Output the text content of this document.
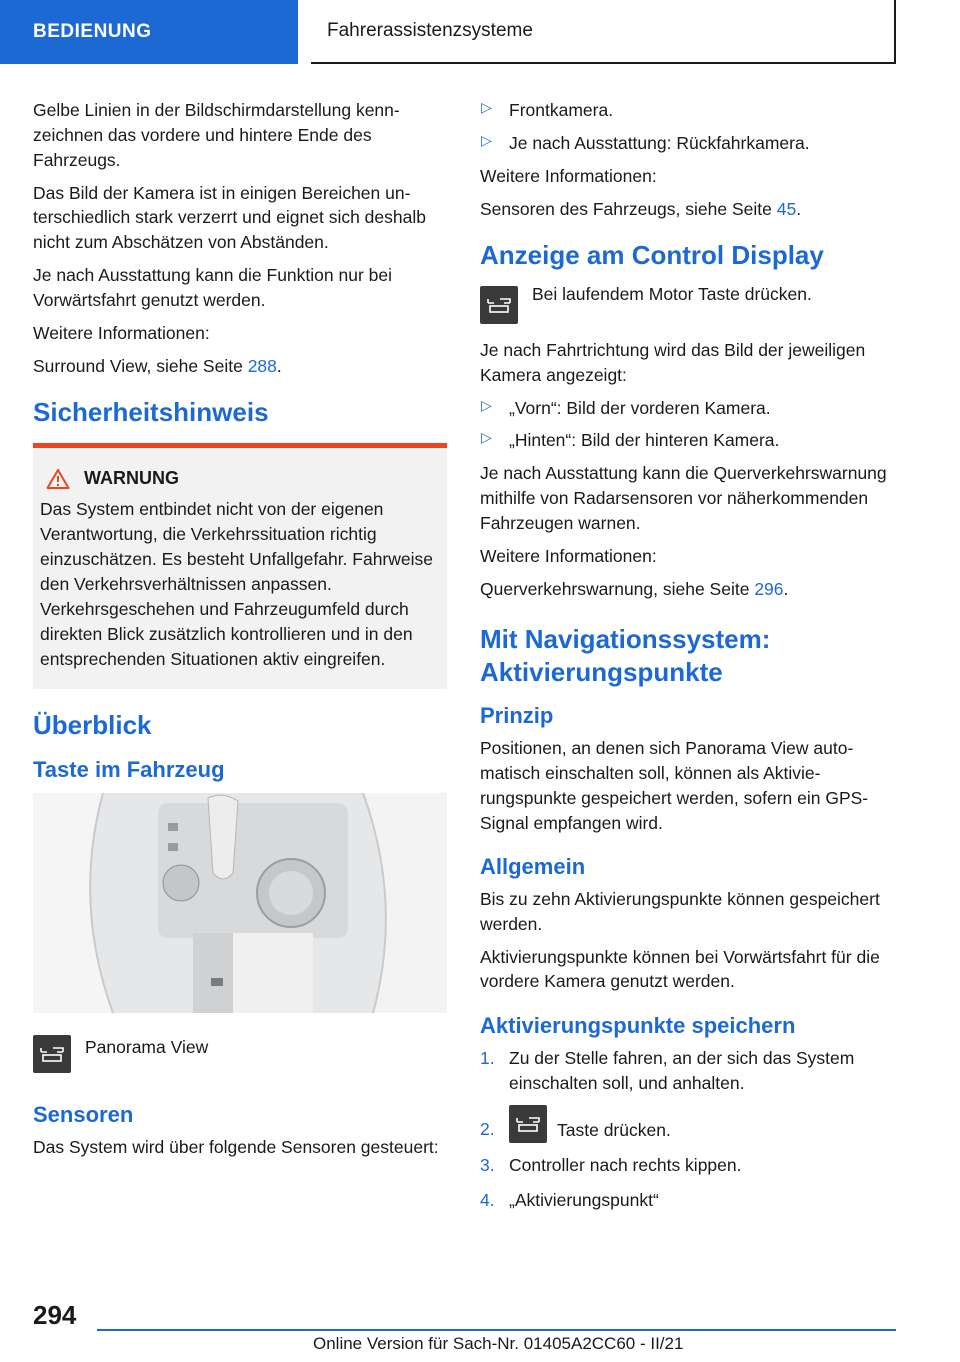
BEDIENUNG	Fahrerassistenzsysteme

Gelbe Linien in der Bildschirmdarstellung kennzeichnen das vordere und hintere Ende des Fahrzeugs.

Das Bild der Kamera ist in einigen Bereichen unterschiedlich stark verzerrt und eignet sich deshalb nicht zum Abschätzen von Abständen.

Je nach Ausstattung kann die Funktion nur bei Vorwärtsfahrt genutzt werden.

Weitere Informationen:

Surround View, siehe Seite 288.

Sicherheitshinweis
WARNUNG
Das System entbindet nicht von der eigenen Verantwortung, die Verkehrssituation richtig einzuschätzen. Es besteht Unfallgefahr. Fahrweise den Verkehrsverhältnissen anpassen. Verkehrsgeschehen und Fahrzeugumfeld durch direkten Blick zusätzlich kontrollieren und in den entsprechenden Situationen aktiv eingreifen.
Überblick
Taste im Fahrzeug
Panorama View
Sensoren

Das System wird über folgende Sensoren gesteuert:

▷ Frontkamera.
▷ Je nach Ausstattung: Rückfahrkamera.

Weitere Informationen:

Sensoren des Fahrzeugs, siehe Seite 45.

Anzeige am Control Display
Bei laufendem Motor Taste drücken.

Je nach Fahrtrichtung wird das Bild der jeweiligen Kamera angezeigt:

▷ „Vorn“: Bild der vorderen Kamera.
▷ „Hinten“: Bild der hinteren Kamera.

Je nach Ausstattung kann die Querverkehrswarnung mithilfe von Radarsensoren vor näherkommenden Fahrzeugen warnen.

Weitere Informationen:

Querverkehrswarnung, siehe Seite 296.

Mit Navigationssystem: Aktivierungspunkte
Prinzip

Positionen, an denen sich Panorama View automatisch einschalten soll, können als Aktivierungspunkte gespeichert werden, sofern ein GPS-Signal empfangen wird.

Allgemein

Bis zu zehn Aktivierungspunkte können gespeichert werden.

Aktivierungspunkte können bei Vorwärtsfahrt für die vordere Kamera genutzt werden.

Aktivierungspunkte speichern
1. Zu der Stelle fahren, an der sich das System einschalten soll, und anhalten.
2.	Taste drücken.
3. Controller nach rechts kippen.
4. „Aktivierungspunkt“
294
Online Version für Sach-Nr. 01405A2CC60 - II/21
